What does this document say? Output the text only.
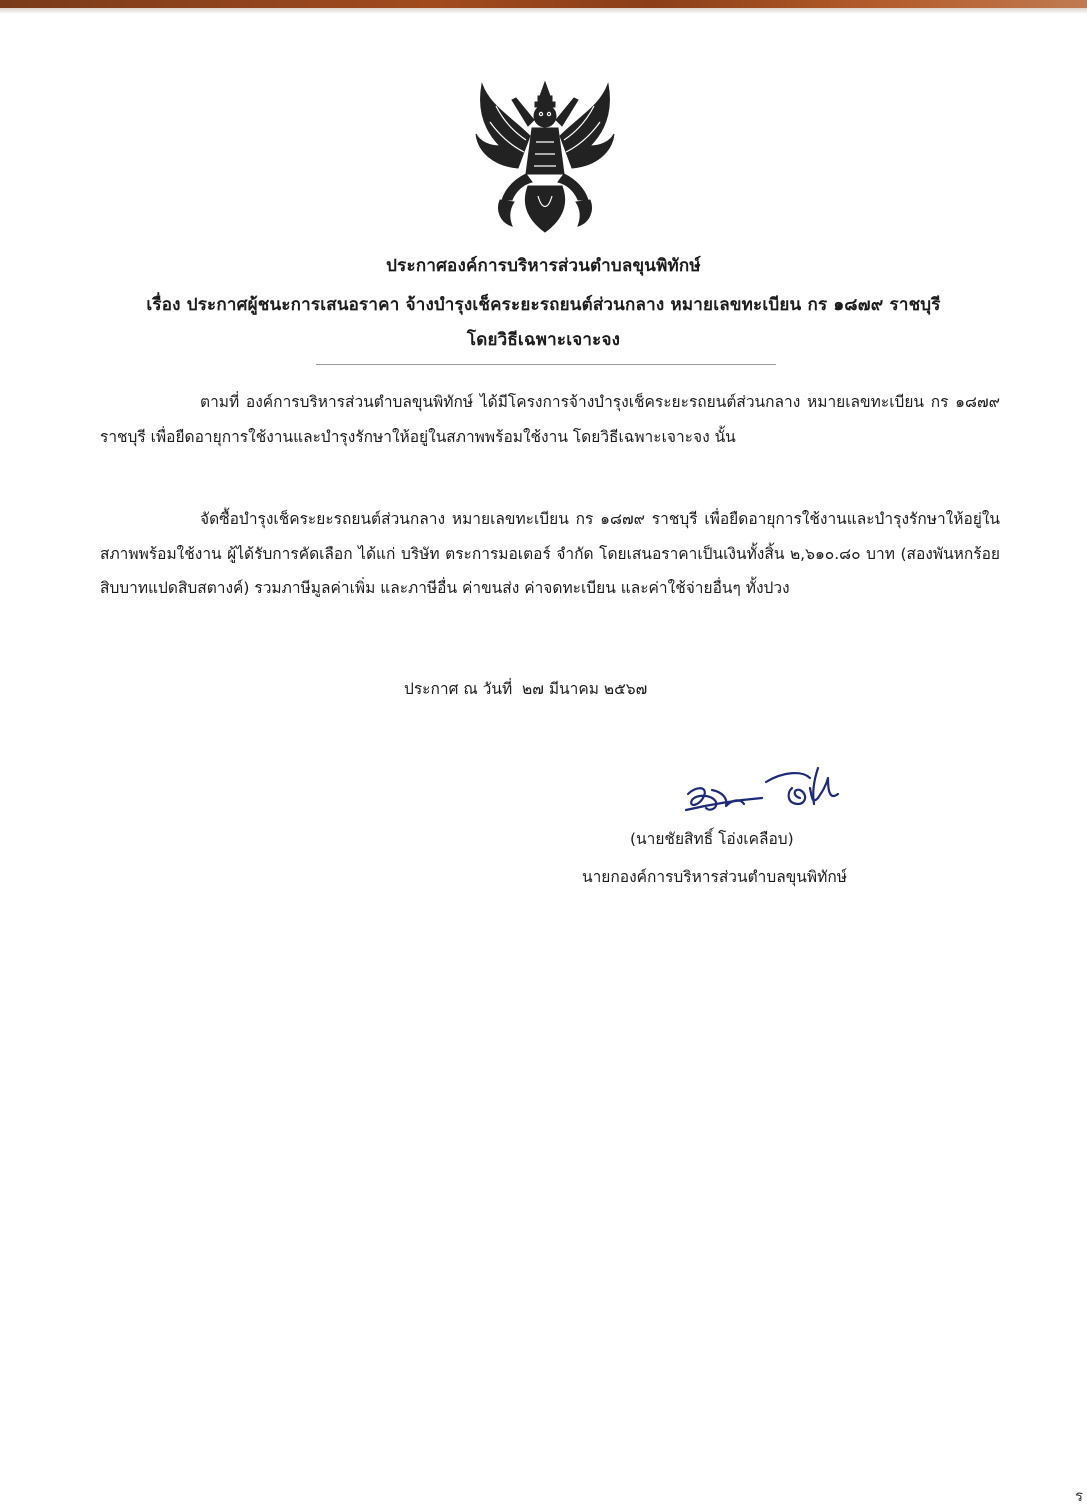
ประกาศองค์การบริหารส่วนตำบลขุนพิทักษ์
เรื่อง ประกาศผู้ชนะการเสนอราคา จ้างบำรุงเช็คระยะรถยนต์ส่วนกลาง หมายเลขทะเบียน กร ๑๘๗๙ ราชบุรี
โดยวิธีเฉพาะเจาะจง
ตามที่ องค์การบริหารส่วนตำบลขุนพิทักษ์ ได้มีโครงการจ้างบำรุงเช็คระยะรถยนต์ส่วนกลาง หมายเลขทะเบียน กร ๑๘๗๙ ราชบุรี เพื่อยืดอายุการใช้งานและบำรุงรักษาให้อยู่ในสภาพพร้อมใช้งาน โดยวิธีเฉพาะเจาะจง นั้น
จัดซื้อบำรุงเช็คระยะรถยนต์ส่วนกลาง หมายเลขทะเบียน กร ๑๘๗๙ ราชบุรี เพื่อยืดอายุการใช้งานและบำรุงรักษาให้อยู่ในสภาพพร้อมใช้งาน ผู้ได้รับการคัดเลือก ได้แก่ บริษัท ตระการมอเตอร์ จำกัด โดยเสนอราคาเป็นเงินทั้งสิ้น ๒,๖๑๐.๘๐ บาท (สองพันหกร้อยสิบบาทแปดสิบสตางค์) รวมภาษีมูลค่าเพิ่ม และภาษีอื่น ค่าขนส่ง ค่าจดทะเบียน และค่าใช้จ่ายอื่นๆ ทั้งปวง
ประกาศ ณ วันที่  ๒๗ มีนาคม ๒๕๖๗
(นายชัยสิทธิ์ โอ่งเคลือบ)
นายกองค์การบริหารส่วนตำบลขุนพิทักษ์
ร
